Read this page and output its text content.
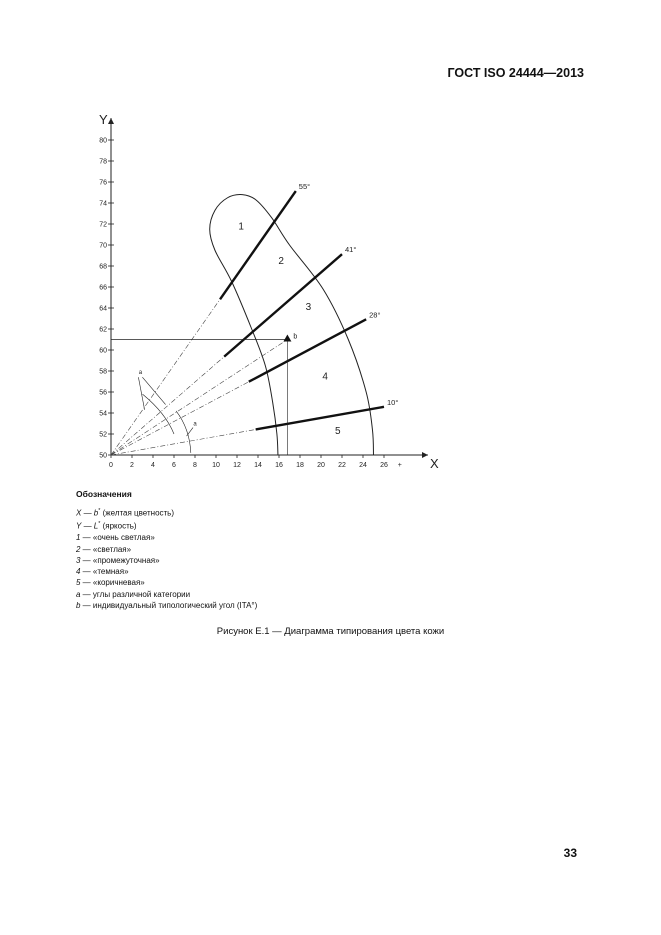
ГОСТ ISO 24444—2013
X
Y
0 2 4 6 8 10 12 14 16 18 20 22 24 26 +
50
52
54
56
58
60
62
64
66
68
70
72
74
76
78
80
55°
41°
28°
10°
1
2
3
4
5
b
a
a
Обозначения
X — b* (желтая цветность)
Y — L* (яркость)
1 — «очень светлая»
2 — «светлая»
3 — «промежуточная»
4 — «темная»
5 — «коричневая»
a — углы различной категории
b — индивидуальный типологический угол (ITA°)
Рисунок Е.1 — Диаграмма типирования цвета кожи
33
